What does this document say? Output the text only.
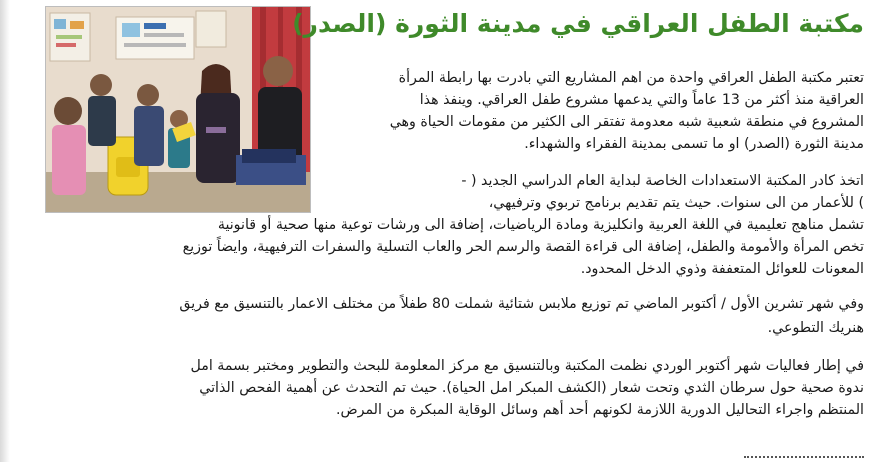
مكتبة الطفل العراقي في مدينة الثورة (الصدر)
تعتبر مكتبة الطفل العراقي واحدة من اهم المشاريع التي بادرت بها رابطة المرأة
العراقية منذ أكثر من 13 عاماً والتي يدعمها مشروع طفل العراقي. وينفذ هذا
المشروع في منطقة شعبية شبه معدومة تفتقر الى الكثير من مقومات الحياة وهي
مدينة الثورة (الصدر) او ما تسمى بمدينة الفقراء والشهداء.
اتخذ كادر المكتبة الاستعدادات الخاصة لبداية العام الدراسي الجديد ( -
) للأعمار من الى سنوات. حيث يتم تقديم برنامج تربوي وترفيهي،
تشمل مناهج تعليمية في اللغة العربية وانكليزية ومادة الرياضيات، إضافة الى ورشات توعية منها صحية أو قانونية
تخص المرأة والأمومة والطفل، إضافة الى قراءة القصة والرسم الحر والعاب التسلية والسفرات الترفيهية، وايضاً توزيع
المعونات للعوائل المتعففة وذوي الدخل المحدود.
وفي شهر تشرين الأول / أكتوبر الماضي تم توزيع ملابس شتائية شملت 80 طفلاً من مختلف الاعمار بالتنسيق مع فريق
هنريك التطوعي.
في إطار فعاليات شهر أكتوبر الوردي نظمت المكتبة وبالتنسيق مع مركز المعلومة للبحث والتطوير ومختبر بسمة امل
ندوة صحية حول سرطان الثدي وتحت شعار (الكشف المبكر امل الحياة). حيث تم التحدث عن أهمية الفحص الذاتي
المنتظم واجراء التحاليل الدورية اللازمة لكونهم أحد أهم وسائل الوقاية المبكرة من المرض.
